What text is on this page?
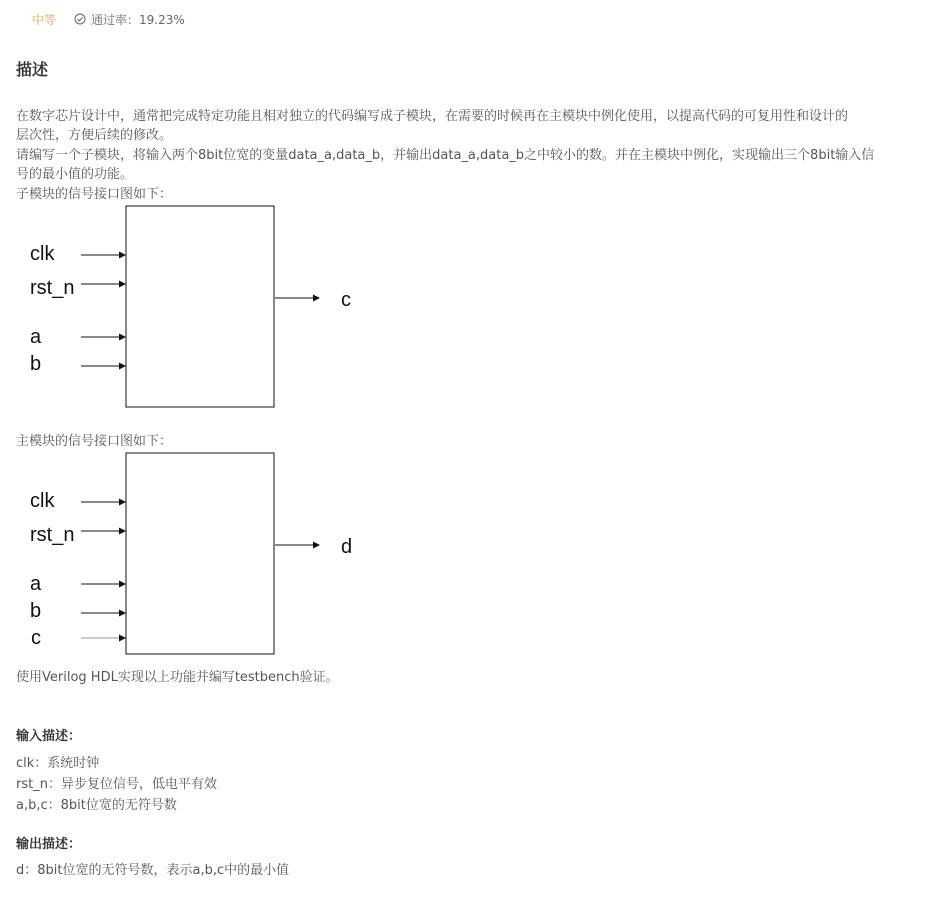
中等	通过率：19.23%
描述

在数字芯片设计中，通常把完成特定功能且相对独立的代码编写成子模块，在需要的时候再在主模块中例化使用，以提高代码的可复用性和设计的

层次性，方便后续的修改。

请编写一个子模块，将输入两个8bit位宽的变量data_a,data_b，并输出data_a,data_b之中较小的数。并在主模块中例化，实现输出三个8bit输入信

号的最小值的功能。

子模块的信号接口图如下：
clk
rst_n
a
b
c
主模块的信号接口图如下：
clk
rst_n
a
b
c
d
使用Verilog HDL实现以上功能并编写testbench验证。
输入描述：

clk：系统时钟

rst_n：异步复位信号，低电平有效

a,b,c：8bit位宽的无符号数

输出描述：

d：8bit位宽的无符号数，表示a,b,c中的最小值
